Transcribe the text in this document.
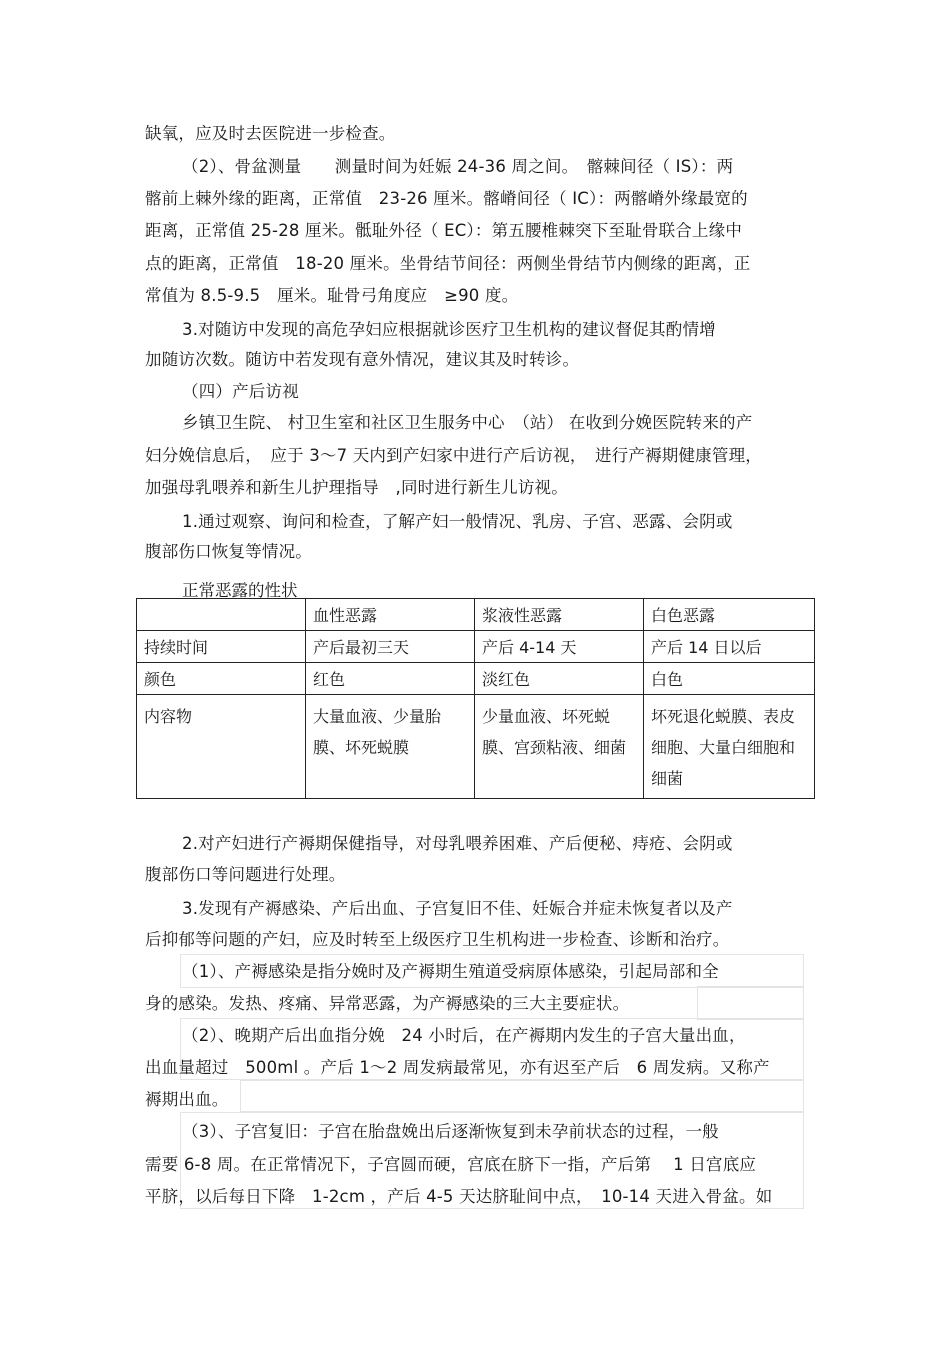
缺氧，应及时去医院进一步检查。
（2）、骨盆测量　　测量时间为妊娠 24-36 周之间。　髂棘间径（ IS）：两
髂前上棘外缘的距离，正常值　23-26 厘米。髂嵴间径（ IC）：两髂嵴外缘最宽的
距离，正常值 25-28 厘米。骶耻外径（ EC）：第五腰椎棘突下至耻骨联合上缘中
点的距离，正常值　18-20 厘米。坐骨结节间径：两侧坐骨结节内侧缘的距离，正
常值为 8.5-9.5　厘米。耻骨弓角度应　≥90 度。
3.对随访中发现的高危孕妇应根据就诊医疗卫生机构的建议督促其酌情增
加随访次数。随访中若发现有意外情况，建议其及时转诊。
（四）产后访视
乡镇卫生院、 村卫生室和社区卫生服务中心　（站） 在收到分娩医院转来的产
妇分娩信息后，　应于 3～7 天内到产妇家中进行产后访视，　进行产褥期健康管理，
加强母乳喂养和新生儿护理指导　,同时进行新生儿访视。
1.通过观察、询问和检查，了解产妇一般情况、乳房、子宫、恶露、会阴或
腹部伤口恢复等情况。
正常恶露的性状
	血性恶露	浆液性恶露	白色恶露
持续时间	产后最初三天	产后 4-14 天	产后 14 日以后
颜色	红色	淡红色	白色
内容物	大量血液、少量胎膜、坏死蜕膜	少量血液、坏死蜕膜、宫颈粘液、细菌	坏死退化蜕膜、表皮细胞、大量白细胞和细菌
2.对产妇进行产褥期保健指导，对母乳喂养困难、产后便秘、痔疮、会阴或
腹部伤口等问题进行处理。
3.发现有产褥感染、产后出血、子宫复旧不佳、妊娠合并症未恢复者以及产
后抑郁等问题的产妇，应及时转至上级医疗卫生机构进一步检查、诊断和治疗。
（1）、产褥感染是指分娩时及产褥期生殖道受病原体感染，引起局部和全
身的感染。发热、疼痛、异常恶露，为产褥感染的三大主要症状。
（2）、晚期产后出血指分娩　24 小时后，在产褥期内发生的子宫大量出血，
出血量超过　500ml 。产后 1～2 周发病最常见，亦有迟至产后　6 周发病。又称产
褥期出血。
（3）、子宫复旧：子宫在胎盘娩出后逐渐恢复到未孕前状态的过程，一般
需要 6-8 周。在正常情况下，子宫圆而硬，宫底在脐下一指，产后第　 1 日宫底应
平脐，以后每日下降　1-2cm ，产后 4-5 天达脐耻间中点，　10-14 天进入骨盆。如
